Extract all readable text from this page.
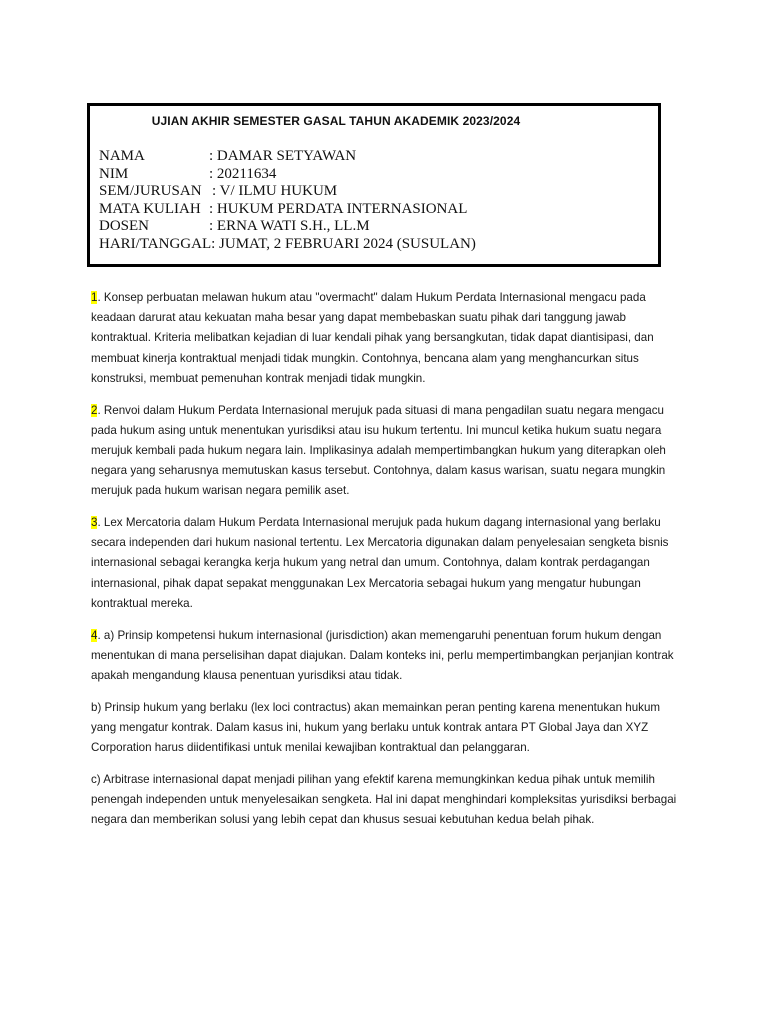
UJIAN AKHIR SEMESTER GASAL TAHUN AKADEMIK 2023/2024
NAMA	: DAMAR SETYAWAN
NIM	: 20211634
SEM/JURUSAN : V/ ILMU HUKUM
MATA KULIAH : HUKUM PERDATA INTERNASIONAL
DOSEN	: ERNA WATI S.H., LL.M
HARI/TANGGAL: JUMAT, 2 FEBRUARI 2024 (SUSULAN)

1. Konsep perbuatan melawan hukum atau "overmacht" dalam Hukum Perdata Internasional mengacu pada keadaan darurat atau kekuatan maha besar yang dapat membebaskan suatu pihak dari tanggung jawab kontraktual. Kriteria melibatkan kejadian di luar kendali pihak yang bersangkutan, tidak dapat diantisipasi, dan membuat kinerja kontraktual menjadi tidak mungkin. Contohnya, bencana alam yang menghancurkan situs konstruksi, membuat pemenuhan kontrak menjadi tidak mungkin.

2. Renvoi dalam Hukum Perdata Internasional merujuk pada situasi di mana pengadilan suatu negara mengacu pada hukum asing untuk menentukan yurisdiksi atau isu hukum tertentu. Ini muncul ketika hukum suatu negara merujuk kembali pada hukum negara lain. Implikasinya adalah mempertimbangkan hukum yang diterapkan oleh negara yang seharusnya memutuskan kasus tersebut. Contohnya, dalam kasus warisan, suatu negara mungkin merujuk pada hukum warisan negara pemilik aset.

3. Lex Mercatoria dalam Hukum Perdata Internasional merujuk pada hukum dagang internasional yang berlaku secara independen dari hukum nasional tertentu. Lex Mercatoria digunakan dalam penyelesaian sengketa bisnis internasional sebagai kerangka kerja hukum yang netral dan umum. Contohnya, dalam kontrak perdagangan internasional, pihak dapat sepakat menggunakan Lex Mercatoria sebagai hukum yang mengatur hubungan kontraktual mereka.

4. a) Prinsip kompetensi hukum internasional (jurisdiction) akan memengaruhi penentuan forum hukum dengan menentukan di mana perselisihan dapat diajukan. Dalam konteks ini, perlu mempertimbangkan perjanjian kontrak apakah mengandung klausa penentuan yurisdiksi atau tidak.

b) Prinsip hukum yang berlaku (lex loci contractus) akan memainkan peran penting karena menentukan hukum yang mengatur kontrak. Dalam kasus ini, hukum yang berlaku untuk kontrak antara PT Global Jaya dan XYZ Corporation harus diidentifikasi untuk menilai kewajiban kontraktual dan pelanggaran.

c) Arbitrase internasional dapat menjadi pilihan yang efektif karena memungkinkan kedua pihak untuk memilih penengah independen untuk menyelesaikan sengketa. Hal ini dapat menghindari kompleksitas yurisdiksi berbagai negara dan memberikan solusi yang lebih cepat dan khusus sesuai kebutuhan kedua belah pihak.
